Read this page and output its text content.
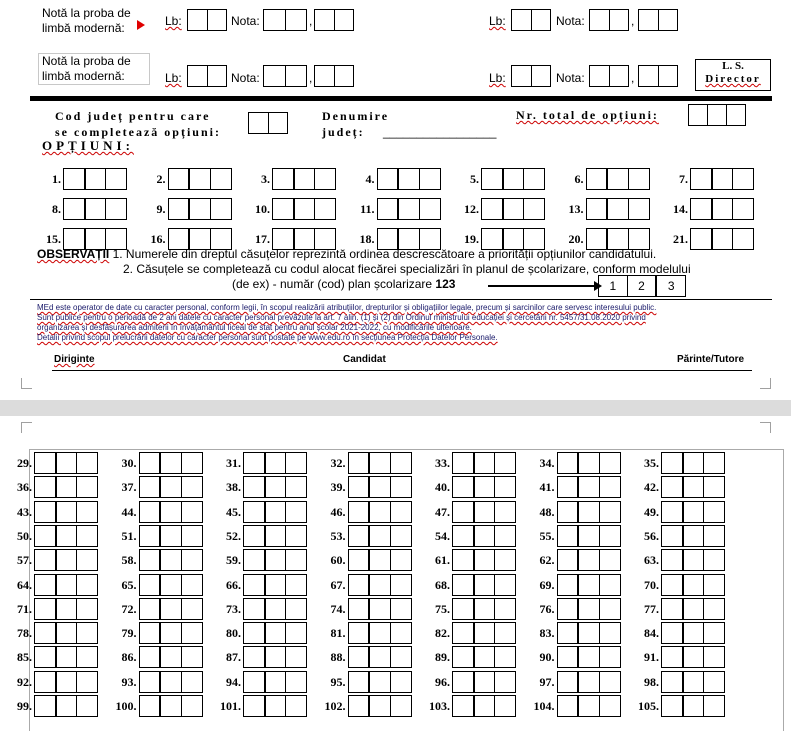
Notă la proba de limbă modernă:	Lb:	Nota:	,	Lb:	Nota:	,
Notă la proba de limbă modernă:	Lb:	Nota:	,	Lb:	Nota:	,
L. S.
Director
Cod județ pentru care
se completează opțiuni:
Denumire
județ:	_________________
Nr. total de opțiuni:
OPȚIUNI:
1.	2.	3.	4.	5.	6.	7.
8.	9.	10.	11.	12.	13.	14.
15.	16.	17.	18.	19.	20.	21.
OBSERVAȚII 1. Numerele din dreptul căsuțelor reprezintă ordinea descrescătoare a priorității opțiunilor candidatului.
2. Căsuțele se completează cu codul alocat fiecărei specializări în planul de școlarizare, conform modelului
(de ex) - număr (cod) plan școlarizare 123	1	2	3
MEd este operator de date cu caracter personal, conform legii, în scopul realizării atribuțiilor, drepturilor și obligațiilor legale, precum și sarcinilor care servesc interesului public.
Sunt publice pentru o perioadă de 2 ani datele cu caracter personal prevăzute la art. 7 alin. (1) și (2) din Ordinul ministrului educației și cercetării nr. 5457/31.08.2020 privind
organizarea și desfășurarea admiterii în învățământul liceal de stat pentru anul școlar 2021-2022, cu modificările ulterioare.
Detalii privind scopul prelucrării datelor cu caracter personal sunt postate pe www.edu.ro în secțiunea Protecția Datelor Personale.
Diriginte	Candidat	Părinte/Tutore
29.	30.	31.	32.	33.	34.	35.
36.	37.	38.	39.	40.	41.	42.
43.	44.	45.	46.	47.	48.	49.
50.	51.	52.	53.	54.	55.	56.
57.	58.	59.	60.	61.	62.	63.
64.	65.	66.	67.	68.	69.	70.
71.	72.	73.	74.	75.	76.	77.
78.	79.	80.	81.	82.	83.	84.
85.	86.	87.	88.	89.	90.	91.
92.	93.	94.	95.	96.	97.	98.
99.	100.	101.	102.	103.	104.	105.
